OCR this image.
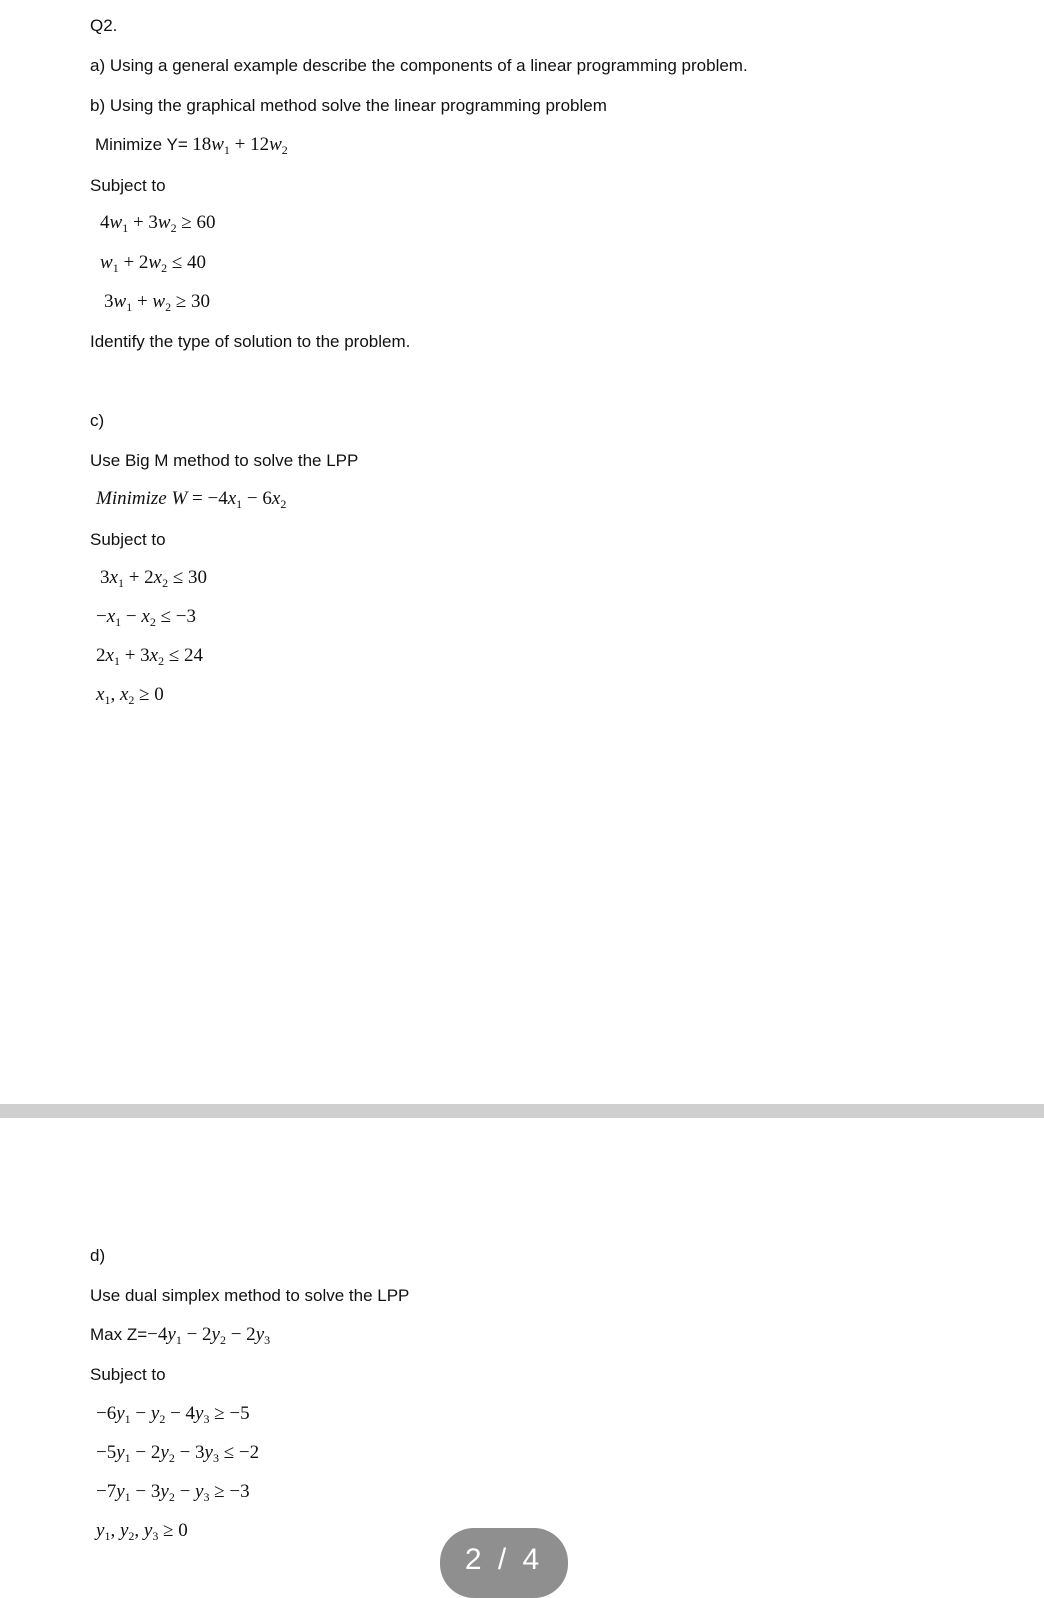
Q2.
a) Using a general example describe the components of a linear programming problem.
b) Using the graphical method solve the linear programming problem
Minimize $Y= 18w_1 + 12w_2$
Subject to
$4w_1 + 3w_2 \ge 60$
$w_1 + 2w_2 \le 40$
$3w_1 + w_2 \ge 30$
Identify the type of solution to the problem.
c)
Use Big M method to solve the LPP
Minimize $W = -4x_1 - 6x_2$
Subject to
$3x_1 + 2x_2 \le 30$
$-x_1 - x_2 \le -3$
$2x_1 + 3x_2 \le 24$
$x_1$, $x_2 \ge 0$
d)
Use dual simplex method to solve the LPP
Max $Z=-4y_1 - 2y_2 - 2y_3$
Subject to
$-6y_1 - y_2 - 4y_3 \ge -5$
$-5y_1 - 2y_2 - 3y_3 \le -2$
$-7y_1 - 3y_2 - y_3 \ge -3$
$y_1$, $y_2$, $y_3 \ge 0$
2 / 4
